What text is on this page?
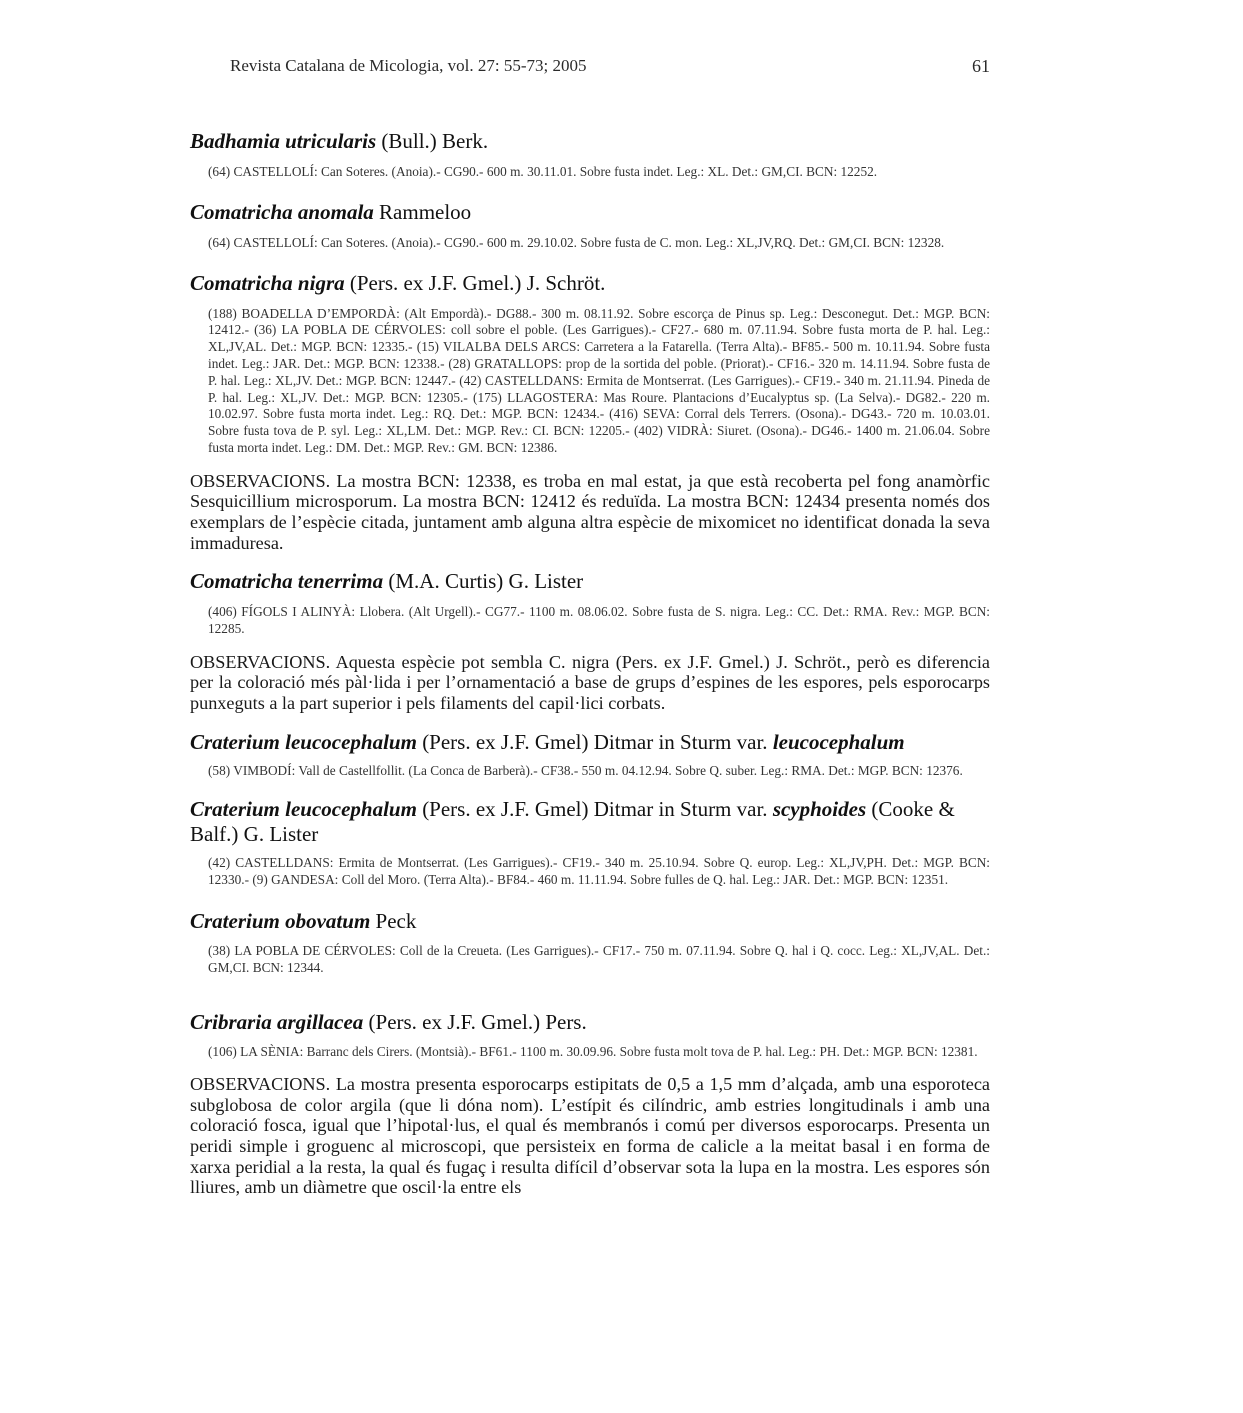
Revista Catalana de Micologia, vol. 27: 55-73; 2005	61

Badhamia utricularis (Bull.) Berk.

(64) CASTELLOLÍ: Can Soteres. (Anoia).- CG90.- 600 m. 30.11.01. Sobre fusta indet. Leg.: XL. Det.: GM,CI. BCN: 12252.

Comatricha anomala Rammeloo

(64) CASTELLOLÍ: Can Soteres. (Anoia).- CG90.- 600 m. 29.10.02. Sobre fusta de C. mon. Leg.: XL,JV,RQ. Det.: GM,CI. BCN: 12328.

Comatricha nigra (Pers. ex J.F. Gmel.) J. Schröt.

(188) BOADELLA D’EMPORDÀ: (Alt Empordà).- DG88.- 300 m. 08.11.92. Sobre escorça de Pinus sp. Leg.: Desconegut. Det.: MGP. BCN: 12412.- (36) LA POBLA DE CÉRVOLES: coll sobre el poble. (Les Garrigues).- CF27.- 680 m. 07.11.94. Sobre fusta morta de P. hal. Leg.: XL,JV,AL. Det.: MGP. BCN: 12335.- (15) VILALBA DELS ARCS: Carretera a la Fatarella. (Terra Alta).- BF85.- 500 m. 10.11.94. Sobre fusta indet. Leg.: JAR. Det.: MGP. BCN: 12338.- (28) GRATALLOPS: prop de la sortida del poble. (Priorat).- CF16.- 320 m. 14.11.94. Sobre fusta de P. hal. Leg.: XL,JV. Det.: MGP. BCN: 12447.- (42) CASTELLDANS: Ermita de Montserrat. (Les Garrigues).- CF19.- 340 m. 21.11.94. Pineda de P. hal. Leg.: XL,JV. Det.: MGP. BCN: 12305.- (175) LLAGOSTERA: Mas Roure. Plantacions d’Eucalyptus sp. (La Selva).- DG82.- 220 m. 10.02.97. Sobre fusta morta indet. Leg.: RQ. Det.: MGP. BCN: 12434.- (416) SEVA: Corral dels Terrers. (Osona).- DG43.- 720 m. 10.03.01. Sobre fusta tova de P. syl. Leg.: XL,LM. Det.: MGP. Rev.: CI. BCN: 12205.- (402) VIDRÀ: Siuret. (Osona).- DG46.- 1400 m. 21.06.04. Sobre fusta morta indet. Leg.: DM. Det.: MGP. Rev.: GM. BCN: 12386.

OBSERVACIONS. La mostra BCN: 12338, es troba en mal estat, ja que està recoberta pel fong anamòrfic Sesquicillium microsporum. La mostra BCN: 12412 és reduïda. La mostra BCN: 12434 presenta només dos exemplars de l’espècie citada, juntament amb alguna altra espècie de mixomicet no identificat donada la seva immaduresa.

Comatricha tenerrima (M.A. Curtis) G. Lister

(406) FÍGOLS I ALINYÀ: Llobera. (Alt Urgell).- CG77.- 1100 m. 08.06.02. Sobre fusta de S. nigra. Leg.: CC. Det.: RMA. Rev.: MGP. BCN: 12285.

OBSERVACIONS. Aquesta espècie pot sembla C. nigra (Pers. ex J.F. Gmel.) J. Schröt., però es diferencia per la coloració més pàl·lida i per l’ornamentació a base de grups d’espines de les espores, pels esporocarps punxeguts a la part superior i pels filaments del capil·lici corbats.

Craterium leucocephalum (Pers. ex J.F. Gmel) Ditmar in Sturm var. leucocephalum

(58) VIMBODÍ: Vall de Castellfollit. (La Conca de Barberà).- CF38.- 550 m. 04.12.94. Sobre Q. suber. Leg.: RMA. Det.: MGP. BCN: 12376.

Craterium leucocephalum (Pers. ex J.F. Gmel) Ditmar in Sturm var. scyphoides (Cooke & Balf.) G. Lister

(42) CASTELLDANS: Ermita de Montserrat. (Les Garrigues).- CF19.- 340 m. 25.10.94. Sobre Q. europ. Leg.: XL,JV,PH. Det.: MGP. BCN: 12330.- (9) GANDESA: Coll del Moro. (Terra Alta).- BF84.- 460 m. 11.11.94. Sobre fulles de Q. hal. Leg.: JAR. Det.: MGP. BCN: 12351.

Craterium obovatum Peck

(38) LA POBLA DE CÉRVOLES: Coll de la Creueta. (Les Garrigues).- CF17.- 750 m. 07.11.94. Sobre Q. hal i Q. cocc. Leg.: XL,JV,AL. Det.: GM,CI. BCN: 12344.

Cribraria argillacea (Pers. ex J.F. Gmel.) Pers.

(106) LA SÈNIA: Barranc dels Cirers. (Montsià).- BF61.- 1100 m. 30.09.96. Sobre fusta molt tova de P. hal. Leg.: PH. Det.: MGP. BCN: 12381.

OBSERVACIONS. La mostra presenta esporocarps estipitats de 0,5 a 1,5 mm d’alçada, amb una esporoteca subglobosa de color argila (que li dóna nom). L’estípit és cilíndric, amb estries longitudinals i amb una coloració fosca, igual que l’hipotal·lus, el qual és membranós i comú per diversos esporocarps. Presenta un peridi simple i groguenc al microscopi, que persisteix en forma de calicle a la meitat basal i en forma de xarxa peridial a la resta, la qual és fugaç i resulta difícil d’observar sota la lupa en la mostra. Les espores són lliures, amb un diàmetre que oscil·la entre els
